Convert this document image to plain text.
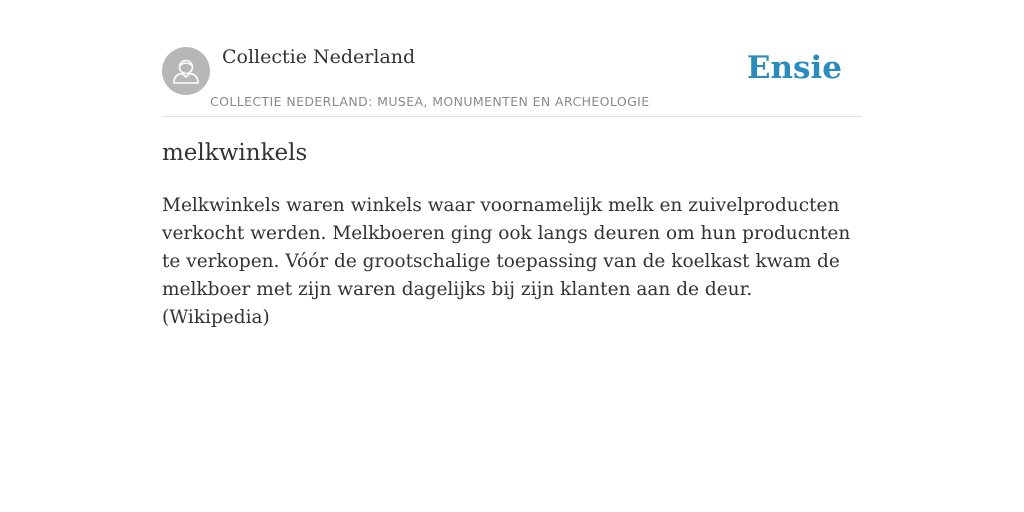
Collectie Nederland
COLLECTIE NEDERLAND: MUSEA, MONUMENTEN EN ARCHEOLOGIE
Ensie
melkwinkels

Melkwinkels waren winkels waar voornamelijk melk en zuivelproducten verkocht werden. Melkboeren ging ook langs deuren om hun producnten te verkopen. Vóór de grootschalige toepassing van de koelkast kwam de melkboer met zijn waren dagelijks bij zijn klanten aan de deur. (Wikipedia)
